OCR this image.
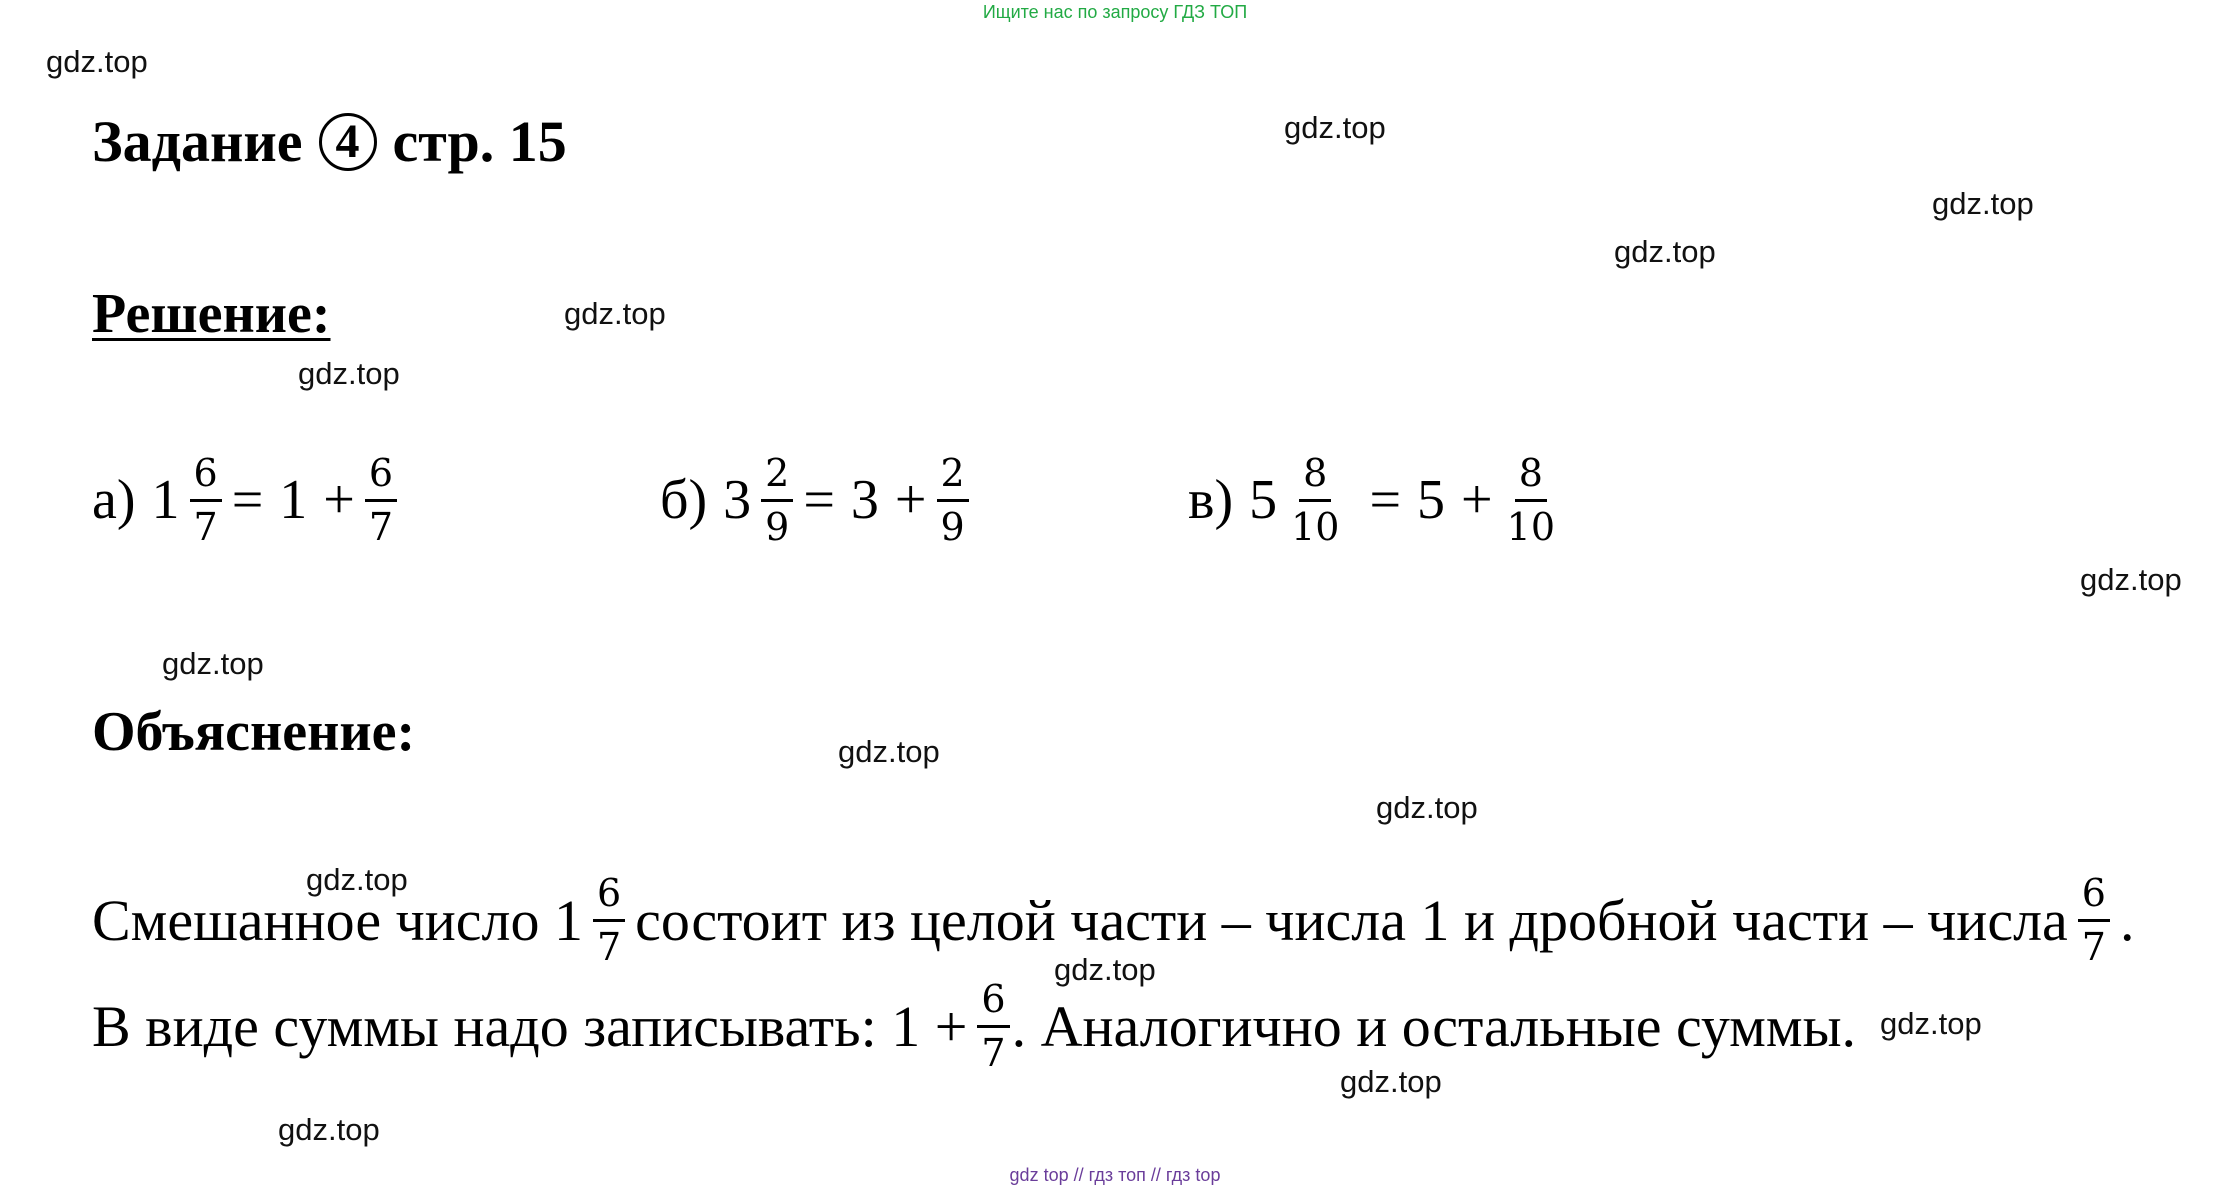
Ищите нас по запросу ГДЗ ТОП
gdz top // гдз топ // гдз top
gdz.top
gdz.top
gdz.top
gdz.top
gdz.top
gdz.top
gdz.top
gdz.top
gdz.top
gdz.top
gdz.top
gdz.top
gdz.top
gdz.top
gdz.top
Задание 4 стр. 15
Решение:
а) $1 \frac{6}{7} = 1 + \frac{6}{7}$	б) $3 \frac{2}{9} = 3 + \frac{2}{9}$	в) $5 \frac{8}{10} = 5 + \frac{8}{10}$
Объяснение:
Смешанное число $1 \frac{6}{7}$ состоит из целой части – числа 1 и дробной части – числа $\frac{6}{7}$ .
В виде суммы надо записывать: $1 + \frac{6}{7}$ . Аналогично и остальные суммы.
